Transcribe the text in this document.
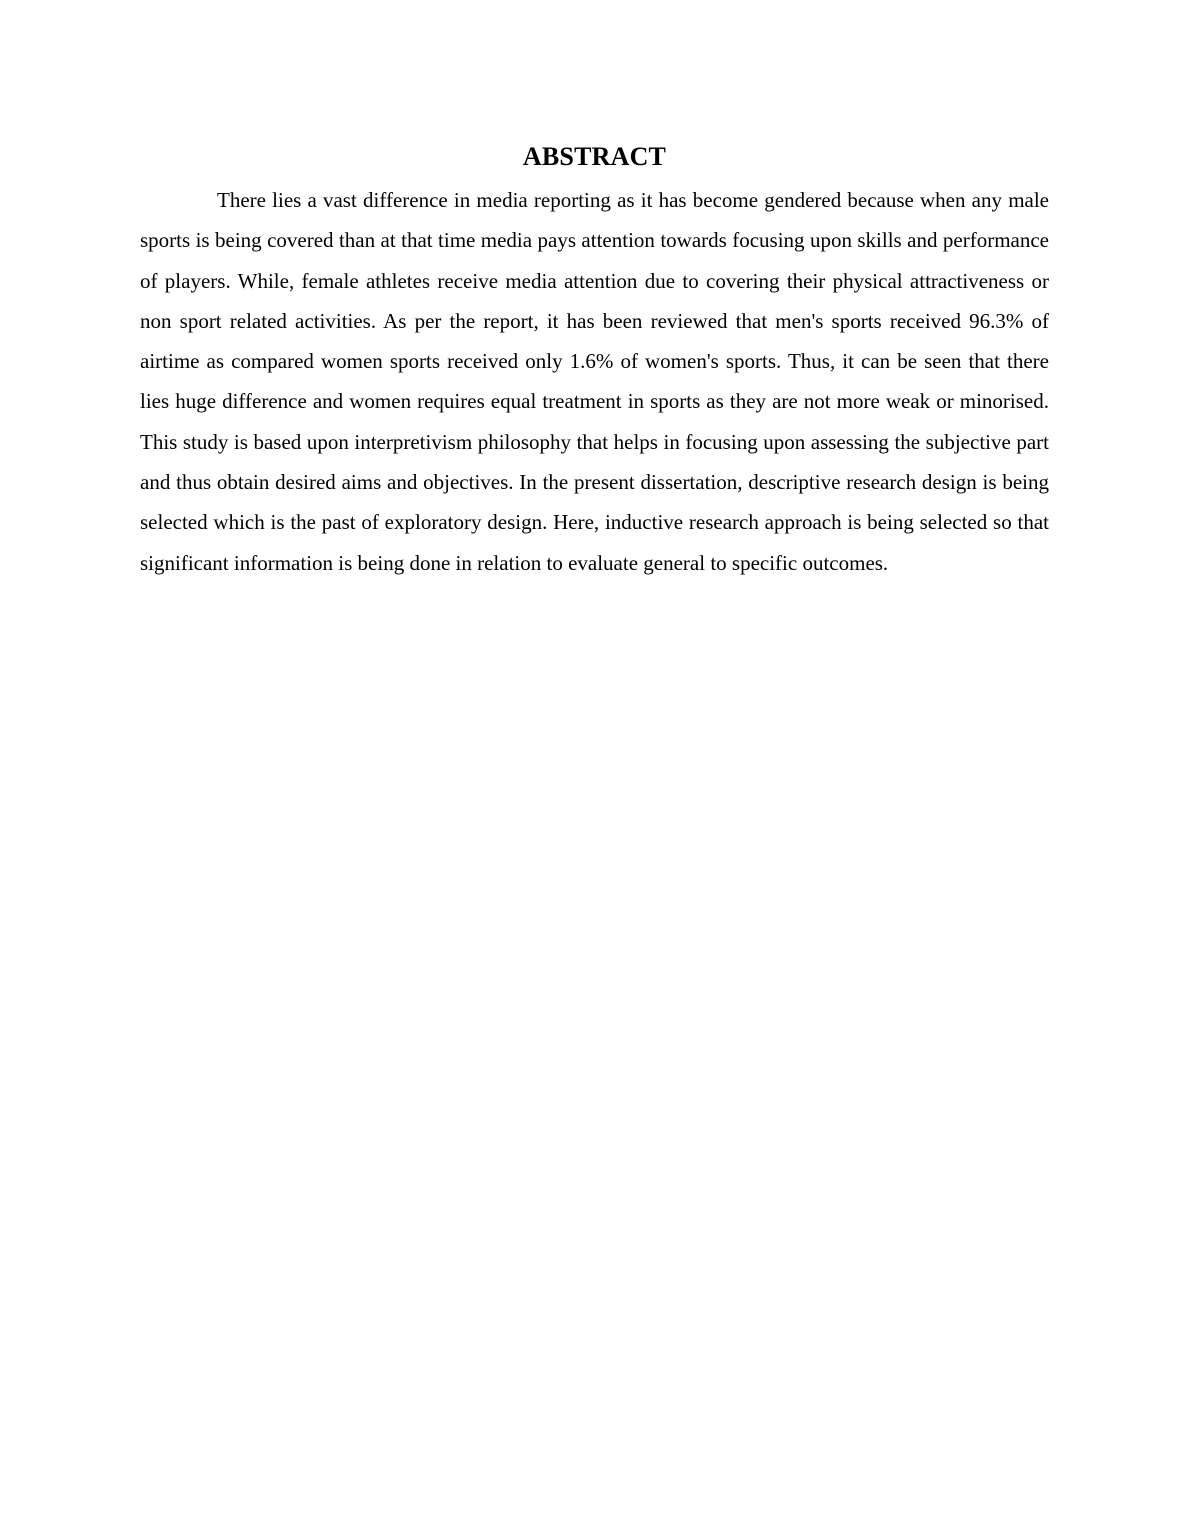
ABSTRACT

There lies a vast difference in media reporting as it has become gendered because when any male sports is being covered than at that time media pays attention towards focusing upon skills and performance of players. While, female athletes receive media attention due to covering their physical attractiveness or non sport related activities. As per the report, it has been reviewed that men's sports received 96.3% of airtime as compared women sports received only 1.6% of women's sports. Thus, it can be seen that there lies huge difference and women requires equal treatment in sports as they are not more weak or minorised. This study is based upon interpretivism philosophy that helps in focusing upon assessing the subjective part and thus obtain desired aims and objectives. In the present dissertation, descriptive research design is being selected which is the past of exploratory design. Here, inductive research approach is being selected so that significant information is being done in relation to evaluate general to specific outcomes.
